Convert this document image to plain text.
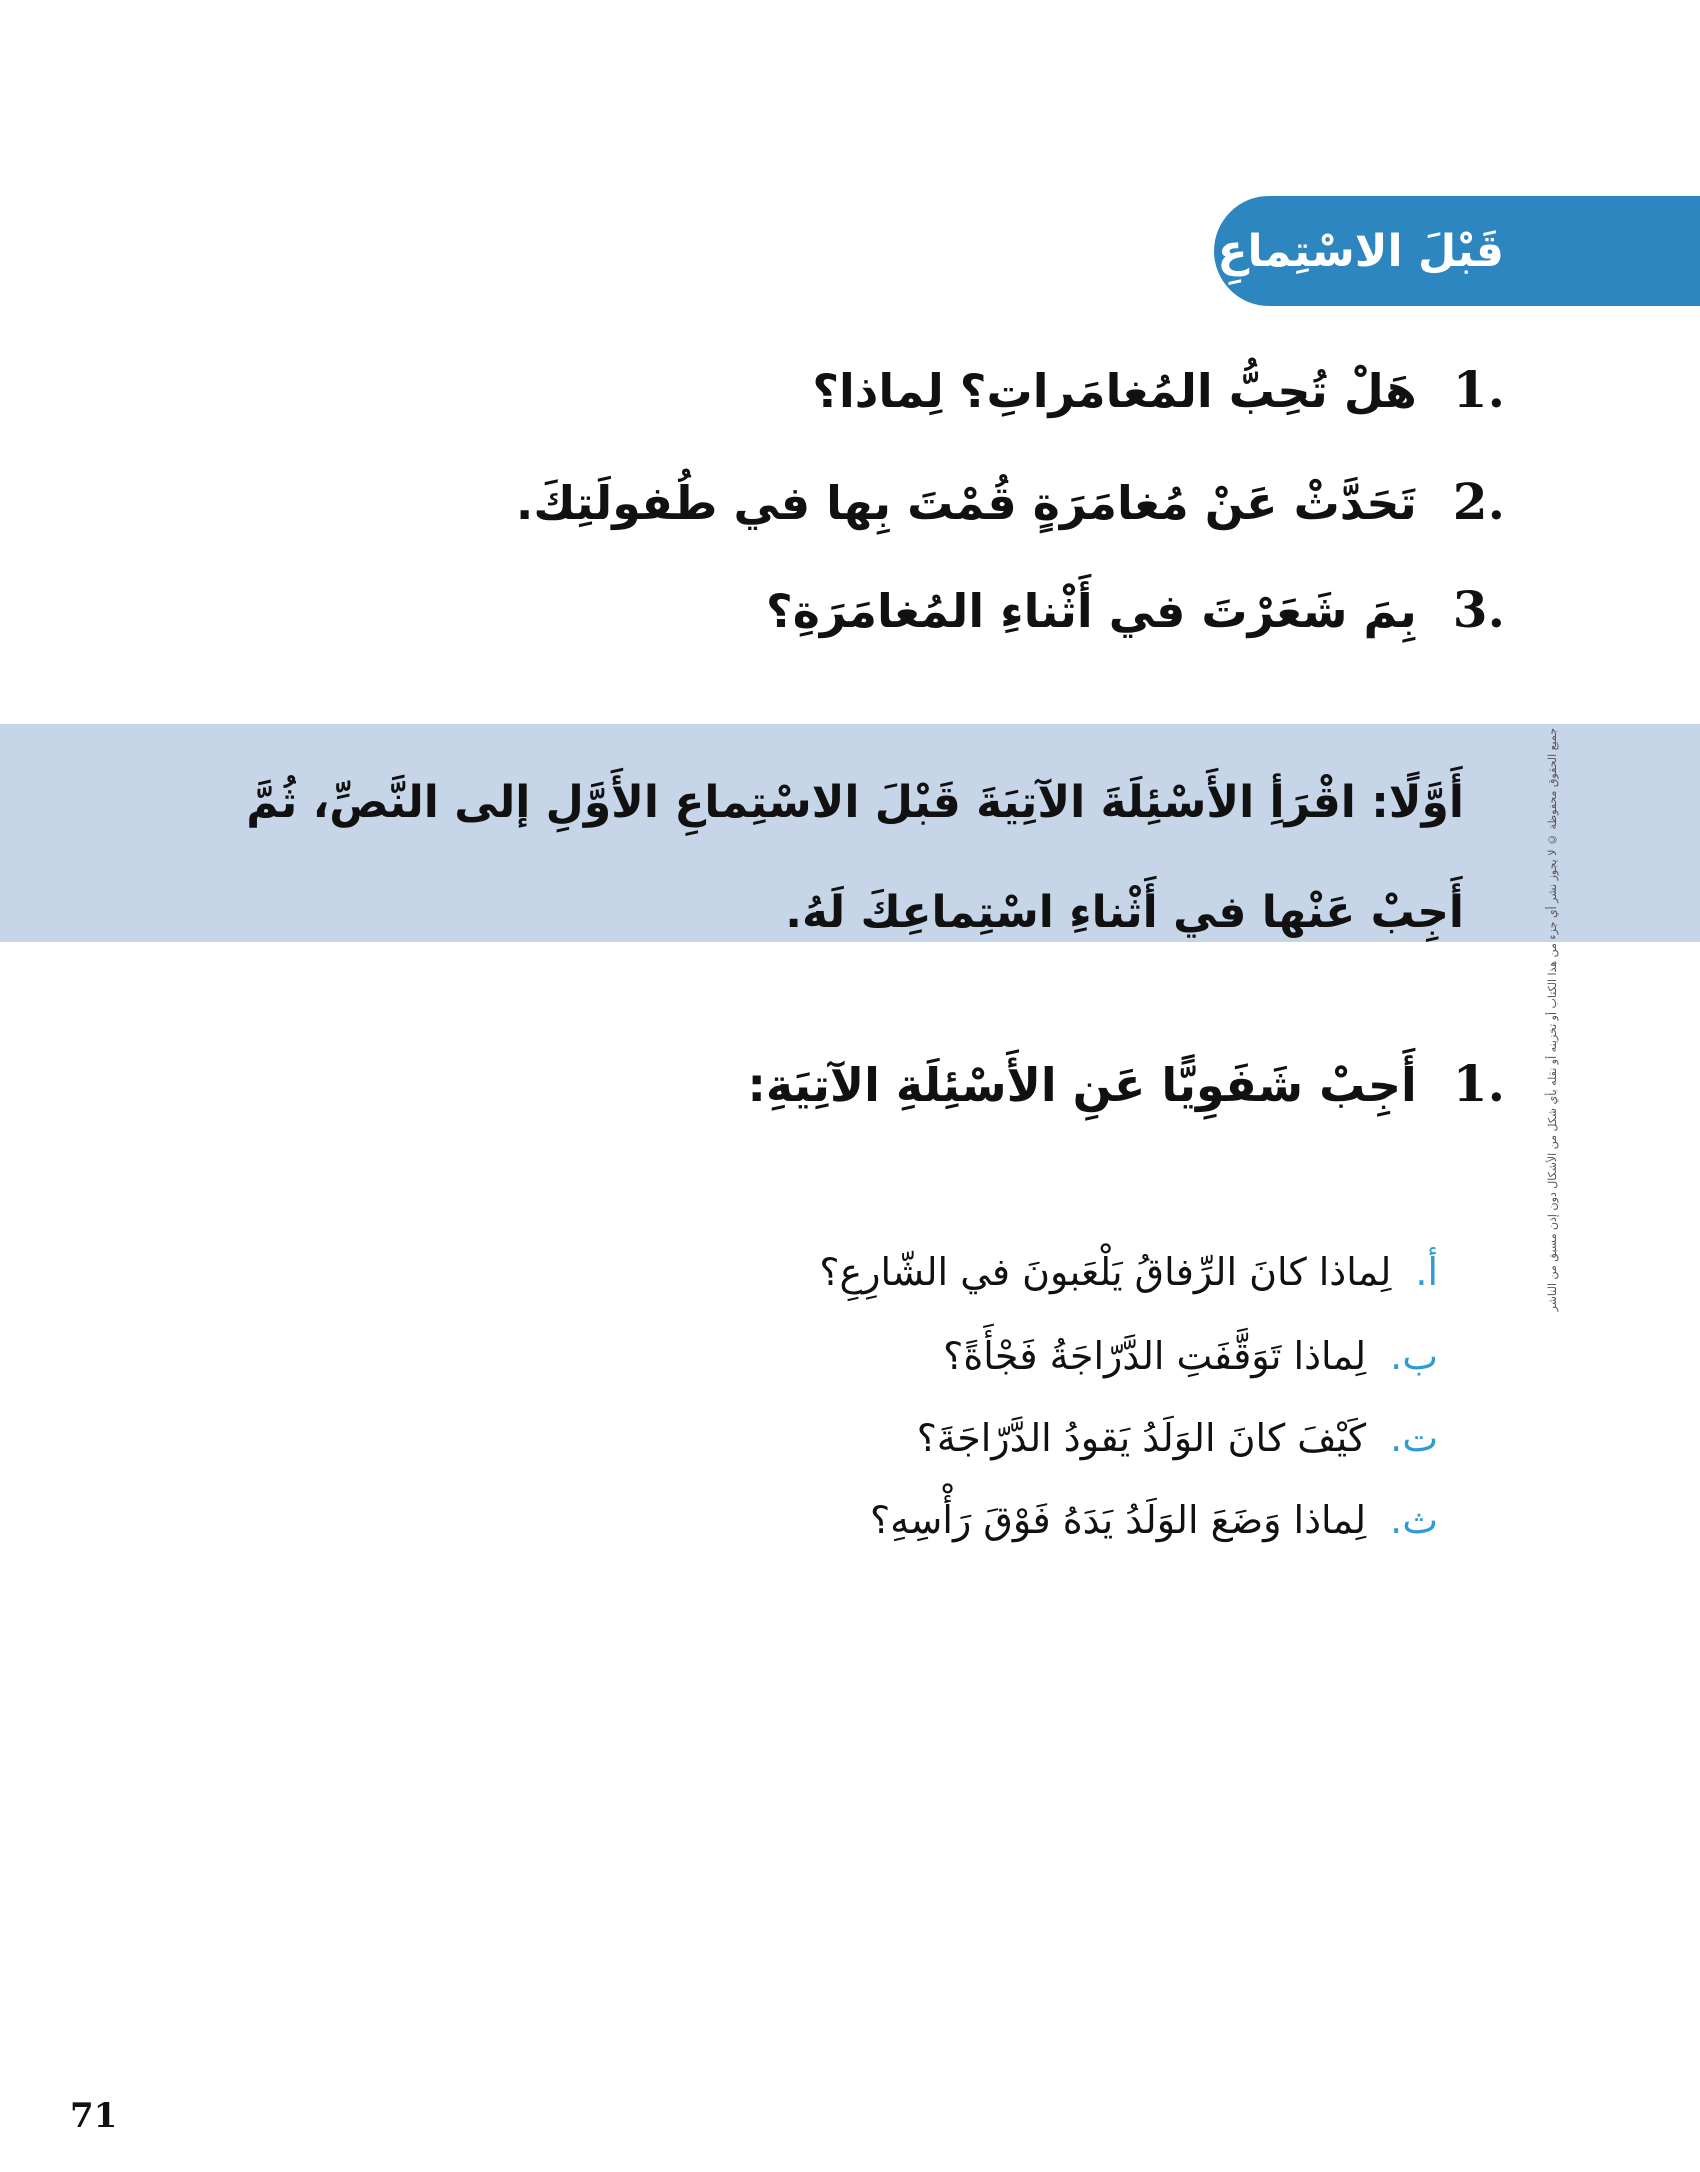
قَبْلَ الاسْتِماعِ:
1.
هَلْ تُحِبُّ المُغامَراتِ؟ لِماذا؟
2.
تَحَدَّثْ عَنْ مُغامَرَةٍ قُمْتَ بِها في طُفولَتِكَ.
3.
بِمَ شَعَرْتَ في أَثْناءِ المُغامَرَةِ؟
أَوَّلًا: اقْرَأِ الأَسْئِلَةَ الآتِيَةَ قَبْلَ الاسْتِماعِ الأَوَّلِ إلى النَّصِّ، ثُمَّ أَجِبْ عَنْها في أَثْناءِ اسْتِماعِكَ لَهُ.
1.
أَجِبْ شَفَوِيًّا عَنِ الأَسْئِلَةِ الآتِيَةِ:
أ.
لِماذا كانَ الرِّفاقُ يَلْعَبونَ في الشّارِعِ؟
ب.
لِماذا تَوَقَّفَتِ الدَّرّاجَةُ فَجْأَةً؟
ت.
كَيْفَ كانَ الوَلَدُ يَقودُ الدَّرّاجَةَ؟
ث.
لِماذا وَضَعَ الوَلَدُ يَدَهُ فَوْقَ رَأْسِهِ؟
جميع الحقوق محفوظة © لا يجوز نشر أي جزء من هذا الكتاب أو تخزينه أو نقله بأي شكل من الأشكال دون إذن مسبق من الناشر
71
